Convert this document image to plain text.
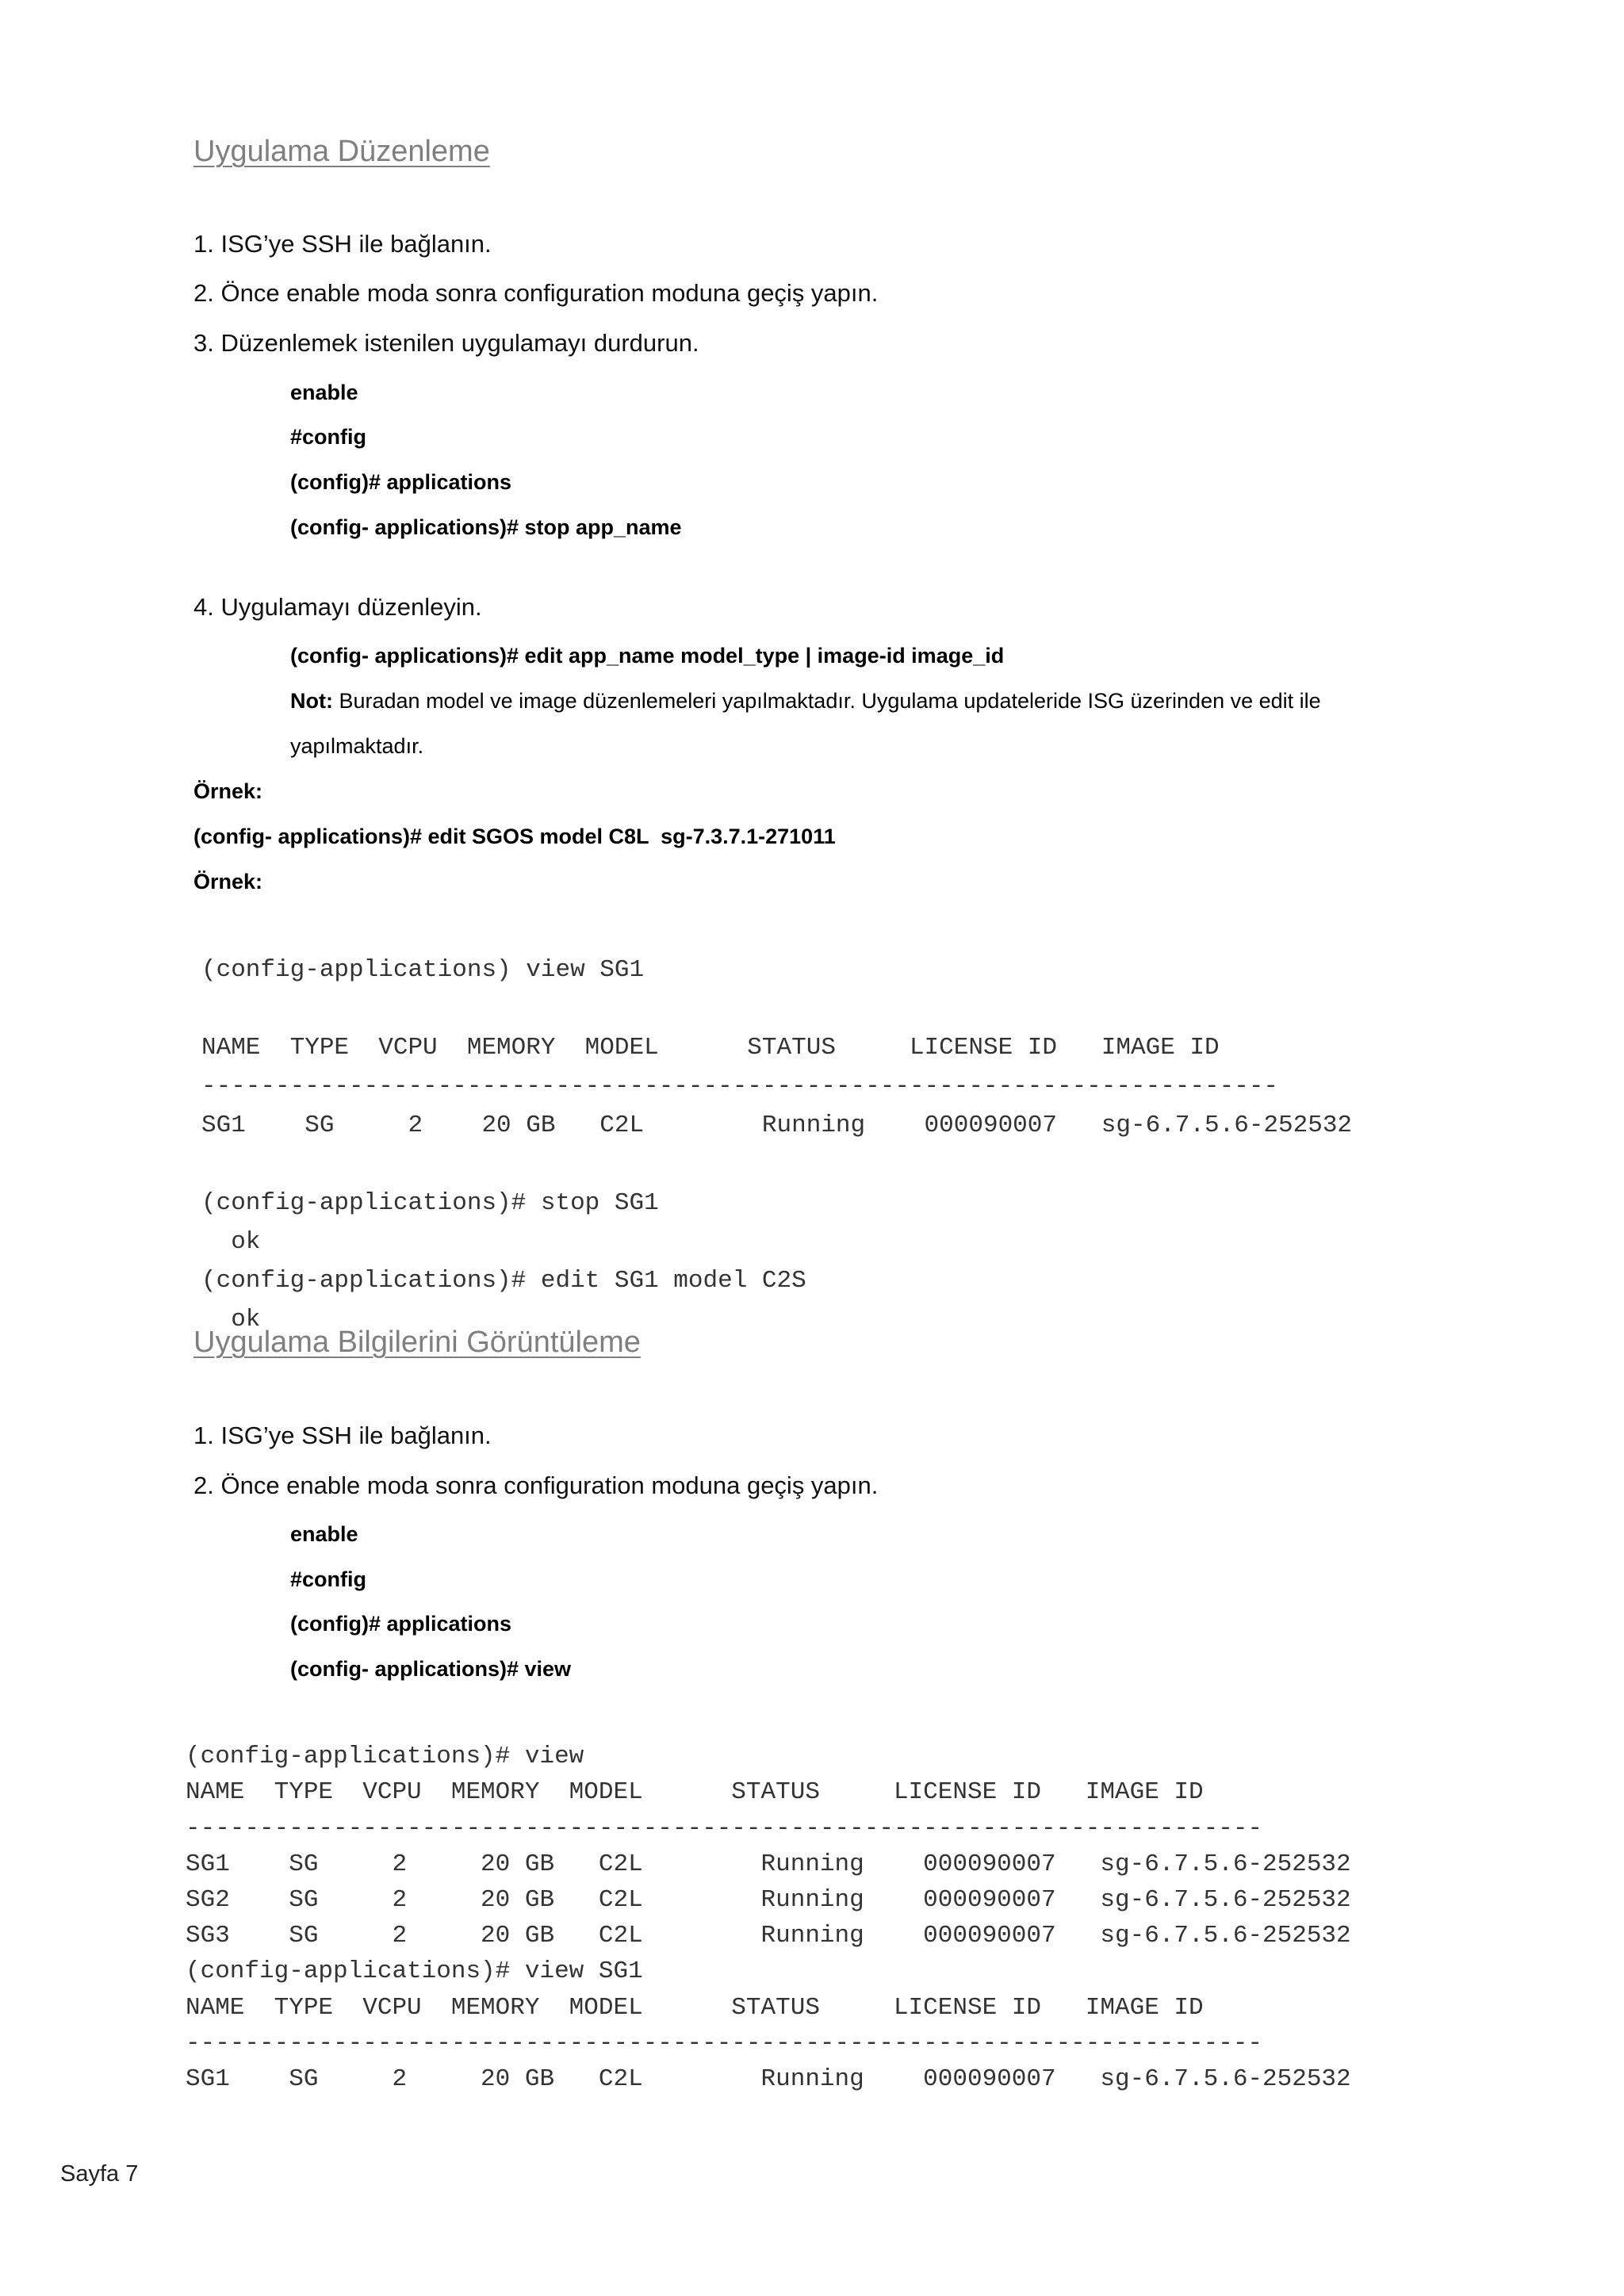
Uygulama Düzenleme
1. ISG’ye SSH ile bağlanın.
2. Önce enable moda sonra configuration moduna geçiş yapın.
3. Düzenlemek istenilen uygulamayı durdurun.
enable
#config
(config)# applications
(config- applications)# stop app_name
4. Uygulamayı düzenleyin.
(config- applications)# edit app_name model_type | image-id image_id
Not: Buradan model ve image düzenlemeleri yapılmaktadır. Uygulama updateleride ISG üzerinden ve edit ile
yapılmaktadır.
Örnek:
(config- applications)# edit SGOS model C8L  sg-7.3.7.1-271011
Örnek:

(config-applications) view SG1

NAME  TYPE  VCPU  MEMORY  MODEL      STATUS     LICENSE ID   IMAGE ID
-------------------------------------------------------------------------
SG1    SG     2    20 GB   C2L        Running    000090007   sg-6.7.5.6-252532

(config-applications)# stop SG1
ok
(config-applications)# edit SG1 model C2S
ok

Uygulama Bilgilerini Görüntüleme
1. ISG’ye SSH ile bağlanın.
2. Önce enable moda sonra configuration moduna geçiş yapın.
enable
#config
(config)# applications
(config- applications)# view

(config-applications)# view
NAME  TYPE  VCPU  MEMORY  MODEL      STATUS     LICENSE ID   IMAGE ID
-------------------------------------------------------------------------
SG1    SG     2     20 GB   C2L        Running    000090007   sg-6.7.5.6-252532
SG2    SG     2     20 GB   C2L        Running    000090007   sg-6.7.5.6-252532
SG3    SG     2     20 GB   C2L        Running    000090007   sg-6.7.5.6-252532
(config-applications)# view SG1
NAME  TYPE  VCPU  MEMORY  MODEL      STATUS     LICENSE ID   IMAGE ID
-------------------------------------------------------------------------
SG1    SG     2     20 GB   C2L        Running    000090007   sg-6.7.5.6-252532

Sayfa 7
